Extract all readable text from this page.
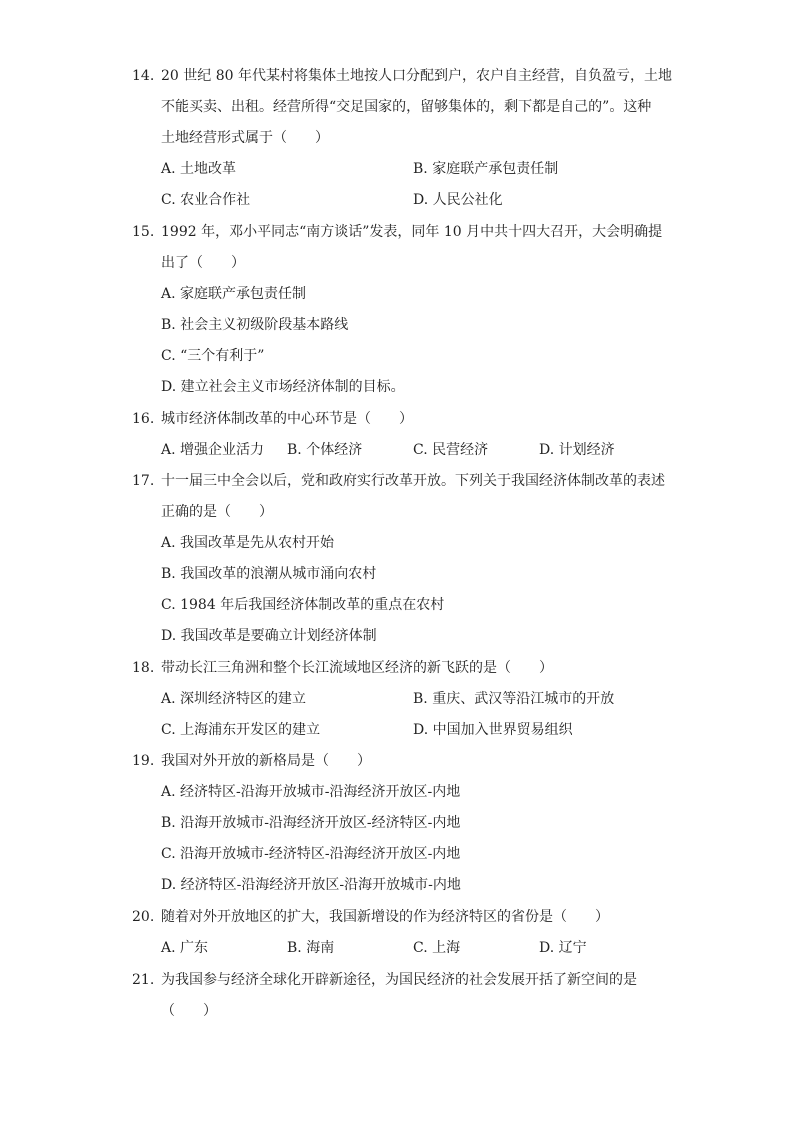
14. 20 世纪 80 年代某村将集体土地按人口分配到户，农户自主经营，自负盈亏，土地
不能买卖、出租。经营所得“交足国家的，留够集体的，剩下都是自己的”。这种
土地经营形式属于（　　）
A. 土地改革	B. 家庭联产承包责任制
C. 农业合作社	D. 人民公社化
15. 1992 年，邓小平同志“南方谈话”发表，同年 10 月中共十四大召开，大会明确提
出了（　　）
A. 家庭联产承包责任制
B. 社会主义初级阶段基本路线
C. “三个有利于”
D. 建立社会主义市场经济体制的目标。
16. 城市经济体制改革的中心环节是（　　）
A. 增强企业活力 B. 个体经济	C. 民营经济	D. 计划经济
17. 十一届三中全会以后，党和政府实行改革开放。下列关于我国经济体制改革的表述
正确的是（　　）
A. 我国改革是先从农村开始
B. 我国改革的浪潮从城市涌向农村
C. 1984 年后我国经济体制改革的重点在农村
D. 我国改革是要确立计划经济体制
18. 带动长江三角洲和整个长江流域地区经济的新飞跃的是（　　）
A. 深圳经济特区的建立	B. 重庆、武汉等沿江城市的开放
C. 上海浦东开发区的建立	D. 中国加入世界贸易组织
19. 我国对外开放的新格局是（　　）
A. 经济特区-沿海开放城市-沿海经济开放区-内地
B. 沿海开放城市-沿海经济开放区-经济特区-内地
C. 沿海开放城市-经济特区-沿海经济开放区-内地
D. 经济特区-沿海经济开放区-沿海开放城市-内地
20. 随着对外开放地区的扩大，我国新增设的作为经济特区的省份是（　　）
A. 广东	B. 海南	C. 上海	D. 辽宁
21. 为我国参与经济全球化开辟新途径，为国民经济的社会发展开括了新空间的是
（　　）
